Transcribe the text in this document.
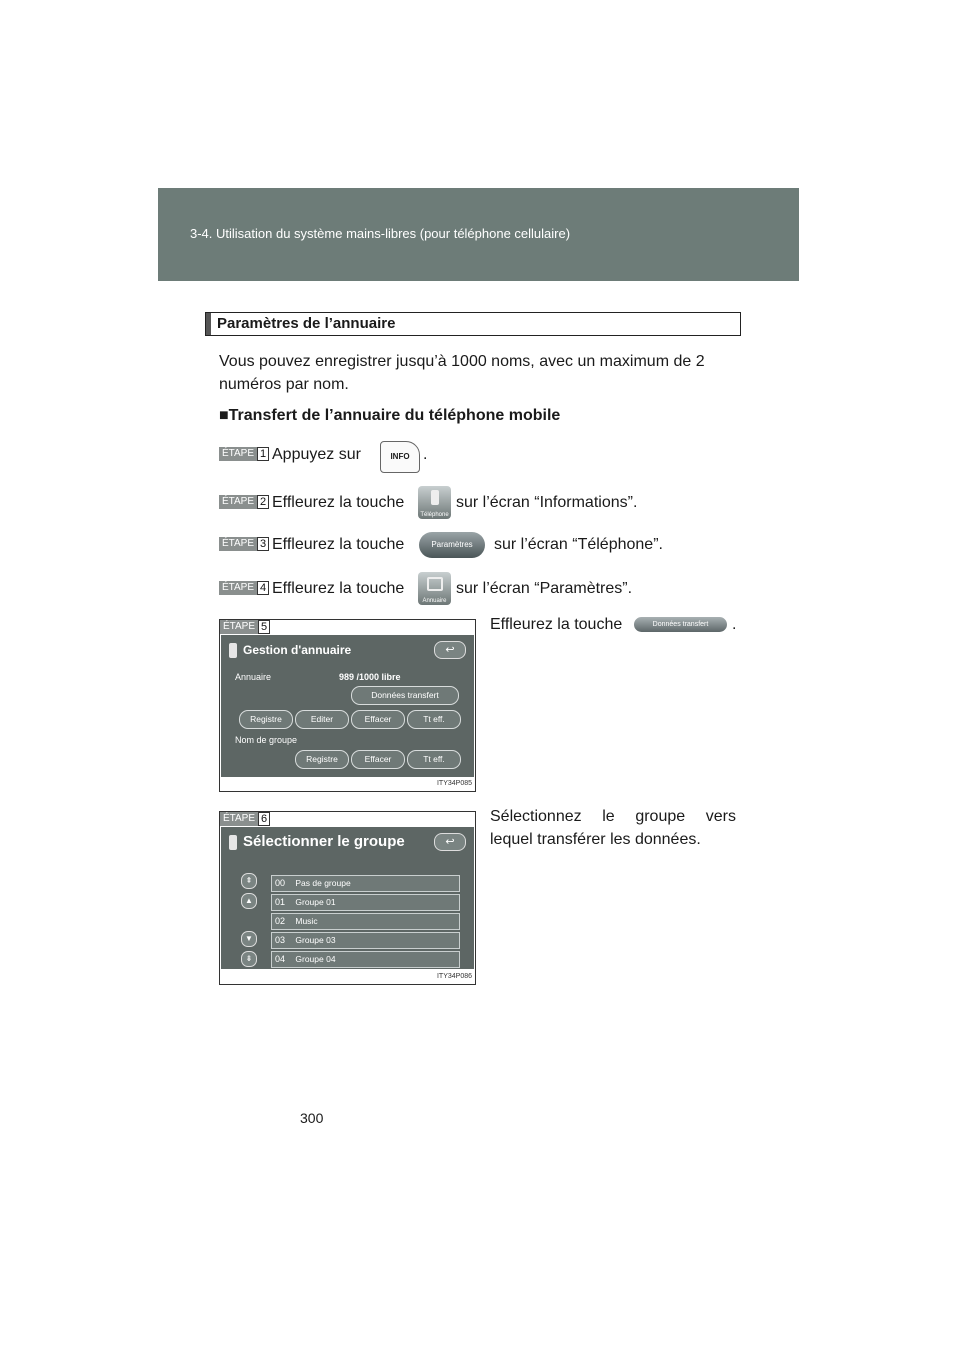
3-4. Utilisation du système mains-libres (pour téléphone cellulaire)
Paramètres de l’annuaire
Vous pouvez enregistrer jusqu’à 1000 noms, avec un maximum de 2
numéros par nom.
■Transfert de l’annuaire du téléphone mobile
ÉTAPE 1 Appuyez sur	INFO .
ÉTAPE 2 Effleurez la touche
Téléphone
sur l’écran “Informations”.
ÉTAPE 3 Effleurez la touche	Paramètres	sur l’écran “Téléphone”.
ÉTAPE 4 Effleurez la touche
Annuaire
sur l’écran “Paramètres”.
ÉTAPE 5
Gestion d'annuaire	↩
Annuaire	989 /1000 libre
Données transfert
Registre	Editer	Effacer	Tt eff.
Nom de groupe
Registre	Effacer	Tt eff.
ITY34P085
Effleurez la touche	Données transfert	.
ÉTAPE 6
Sélectionner le groupe	↩
⇞
▲
▼
⇟
00 Pas de groupe
01 Groupe 01
02 Music
03 Groupe 03
04 Groupe 04
ITY34P086
Sélectionnez le groupe vers
lequel transférer les données.
300
